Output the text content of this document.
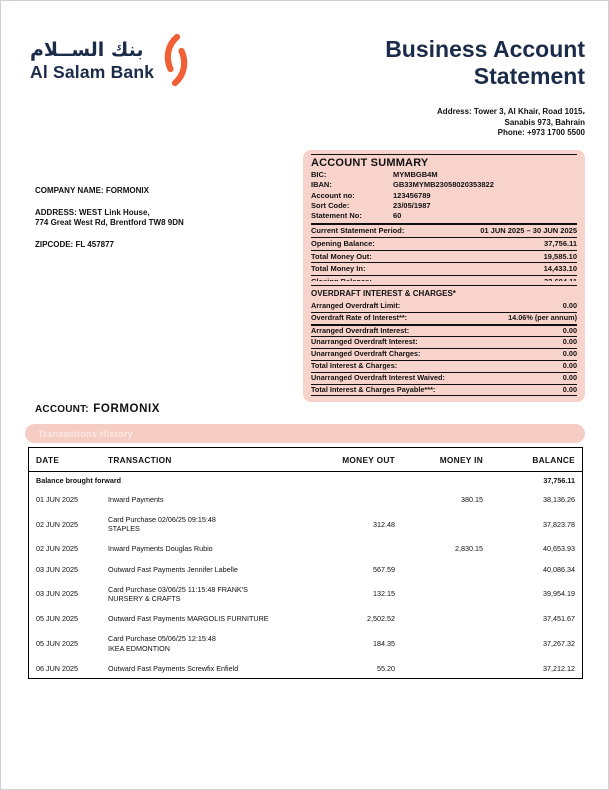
بنك الســلام
Al Salam Bank
Business Account Statement
Address: Tower 3, Al Khair, Road 1015،
Sanabis 973, Bahrain
Phone: +973 1700 5500
COMPANY NAME: FORMONIX
ADDRESS: WEST Link House,
774 Great West Rd, Brentford TW8 9DN
ZIPCODE: FL 457877
ACCOUNT SUMMARY
BIC:	MYMBGB4M
IBAN:	GB33MYMB23058020353822
Account no:	123456789
Sort Code:	23/05/1987
Statement No:	60
Current Statement Period:	01 JUN 2025 – 30 JUN 2025
Opening Balance:	37,756.11
Total Money Out:	19,585.10
Total Money In:	14,433.10
OVERDRAFT INTEREST & CHARGES*
Arranged Overdraft Limit:	0.00
Overdraft Rate of Interest**:	14.06% (per annum)
Arranged Overdraft Interest:	0.00
Unarranged Overdraft Interest:	0.00
Unarranged Overdraft Charges:	0.00
Total Interest & Charges:	0.00
Unarranged Overdraft Interest Waived:	0.00
Total Interest & Charges Payable***:	0.00
ACCOUNT: FORMONIX
Transactions History
DATE	TRANSACTION	MONEY OUT	MONEY IN	BALANCE
Balance brought forward				37,756.11
01 JUN 2025	Inward Payments		380.15	38,136.26
02 JUN 2025	Card Purchase 02/06/25 09:15:48
STAPLES	312.48		37,823.78
02 JUN 2025	Inward Payments Douglas Rubio		2,830.15	40,653.93
03 JUN 2025	Outward Fast Payments Jennifer Labelle	567.59		40,086.34
03 JUN 2025	Card Purchase 03/06/25 11:15:48 FRANK'S
NURSERY & CRAFTS	132.15		39,954.19
05 JUN 2025	Outward Fast Payments MARGOLIS FURNITURE	2,502.52		37,451.67
05 JUN 2025	Card Purchase 05/06/25 12:15:48
IKEA EDMONTION	184.35		37,267.32
06 JUN 2025	Outward Fast Payments Screwfix Enfield	55.20		37,212.12
